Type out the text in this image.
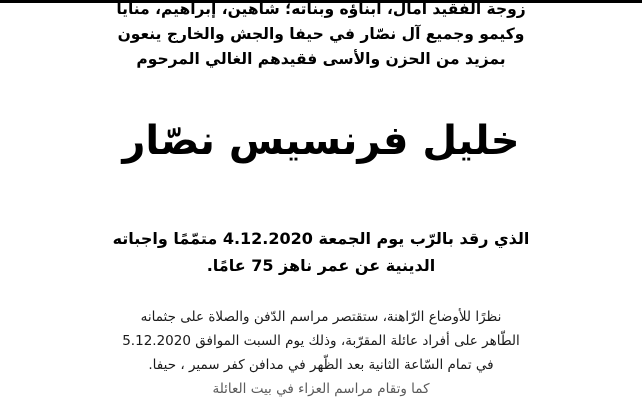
زوجة الفقيد آمال، ابناؤه وبناته؛ شاهين، إبراهيم، منايا
وكيمو وجميع آل نصّار في حيفا والجش والخارج ينعون
بمزيد من الحزن والأسى فقيدهم الغالي المرحوم
خليل فرنسيس نصّار
الذي رقد بالرّب يوم الجمعة 4.12.2020 متمّمًا واجباته
الدينية عن عمر ناهز 75 عامًا.
نظرًا للأوضاع الرّاهنة، ستقتصر مراسم الدّفن والصلاة على جثمانه
الطّاهر على أفراد عائلة المقرّبة، وذلك يوم السبت الموافق 5.12.2020
في تمام السّاعة الثانية بعد الظّهر في مدافن كفر سمير ، حيفا.
كما وتقام مراسم العزاء في بيت العائلة
